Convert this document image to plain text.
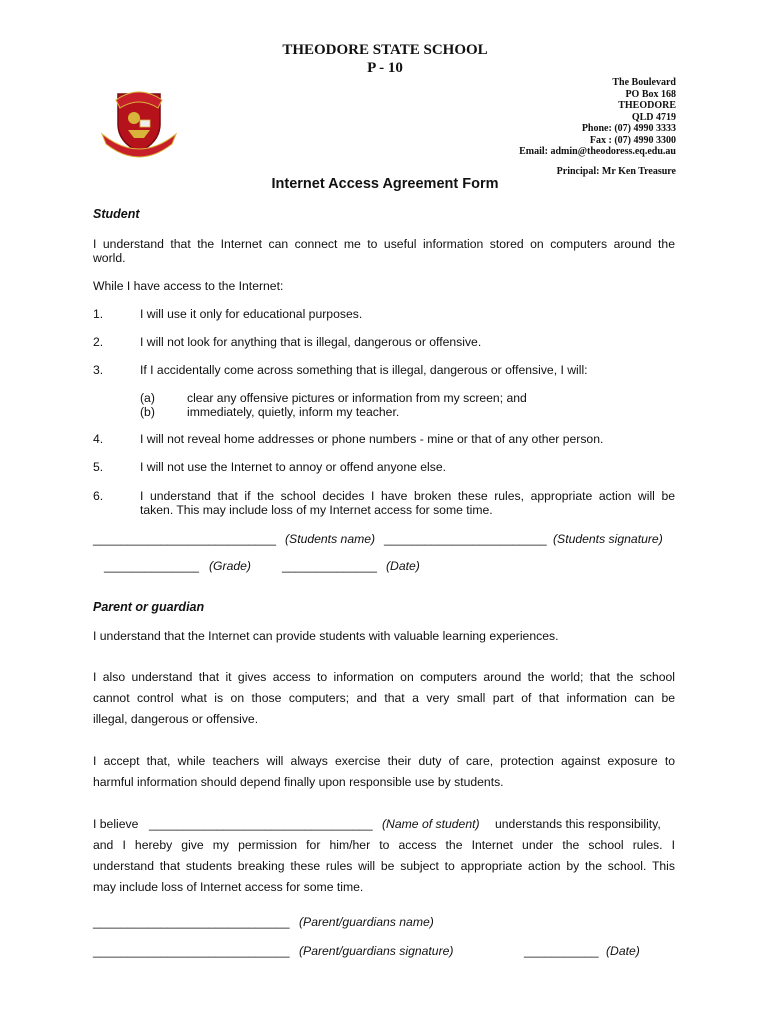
THEODORE STATE SCHOOL
P - 10
The Boulevard
PO Box 168
THEODORE
QLD 4719
Phone: (07) 4990 3333
Fax : (07) 4990 3300
Email: admin@theodoress.eq.edu.au
Principal: Mr Ken Treasure
Internet Access Agreement Form
Student
I understand that the Internet can connect me to useful information stored on computers around the
world.
While I have access to the Internet:
1.	I will use it only for educational purposes.
2.	I will not look for anything that is illegal, dangerous or offensive.
3.	If I accidentally come across something that is illegal, dangerous or offensive, I will:
(a)	clear any offensive pictures or information from my screen; and
(b)	immediately, quietly, inform my teacher.
4.	I will not reveal home addresses or phone numbers - mine or that of any other person.
5.	I will not use the Internet to annoy or offend anyone else.
6.	I understand that if the school decides I have broken these rules, appropriate action will be
taken. This may include loss of my Internet access for some time.
___________________________ (Students name) ________________________ (Students signature)
______________ (Grade)	______________ (Date)
Parent or guardian
I understand that the Internet can provide students with valuable learning experiences.
I also understand that it gives access to information on computers around the world; that the school
cannot control what is on those computers; and that a very small part of that information can be
illegal, dangerous or offensive.
I accept that, while teachers will always exercise their duty of care, protection against exposure to
harmful information should depend finally upon responsible use by students.
I believe _________________________________ (Name of student) understands this responsibility,
and I hereby give my permission for him/her to access the Internet under the school rules. I
understand that students breaking these rules will be subject to appropriate action by the school. This
may include loss of Internet access for some time.
_____________________________ (Parent/guardians name)
_____________________________ (Parent/guardians signature)	___________ (Date)
